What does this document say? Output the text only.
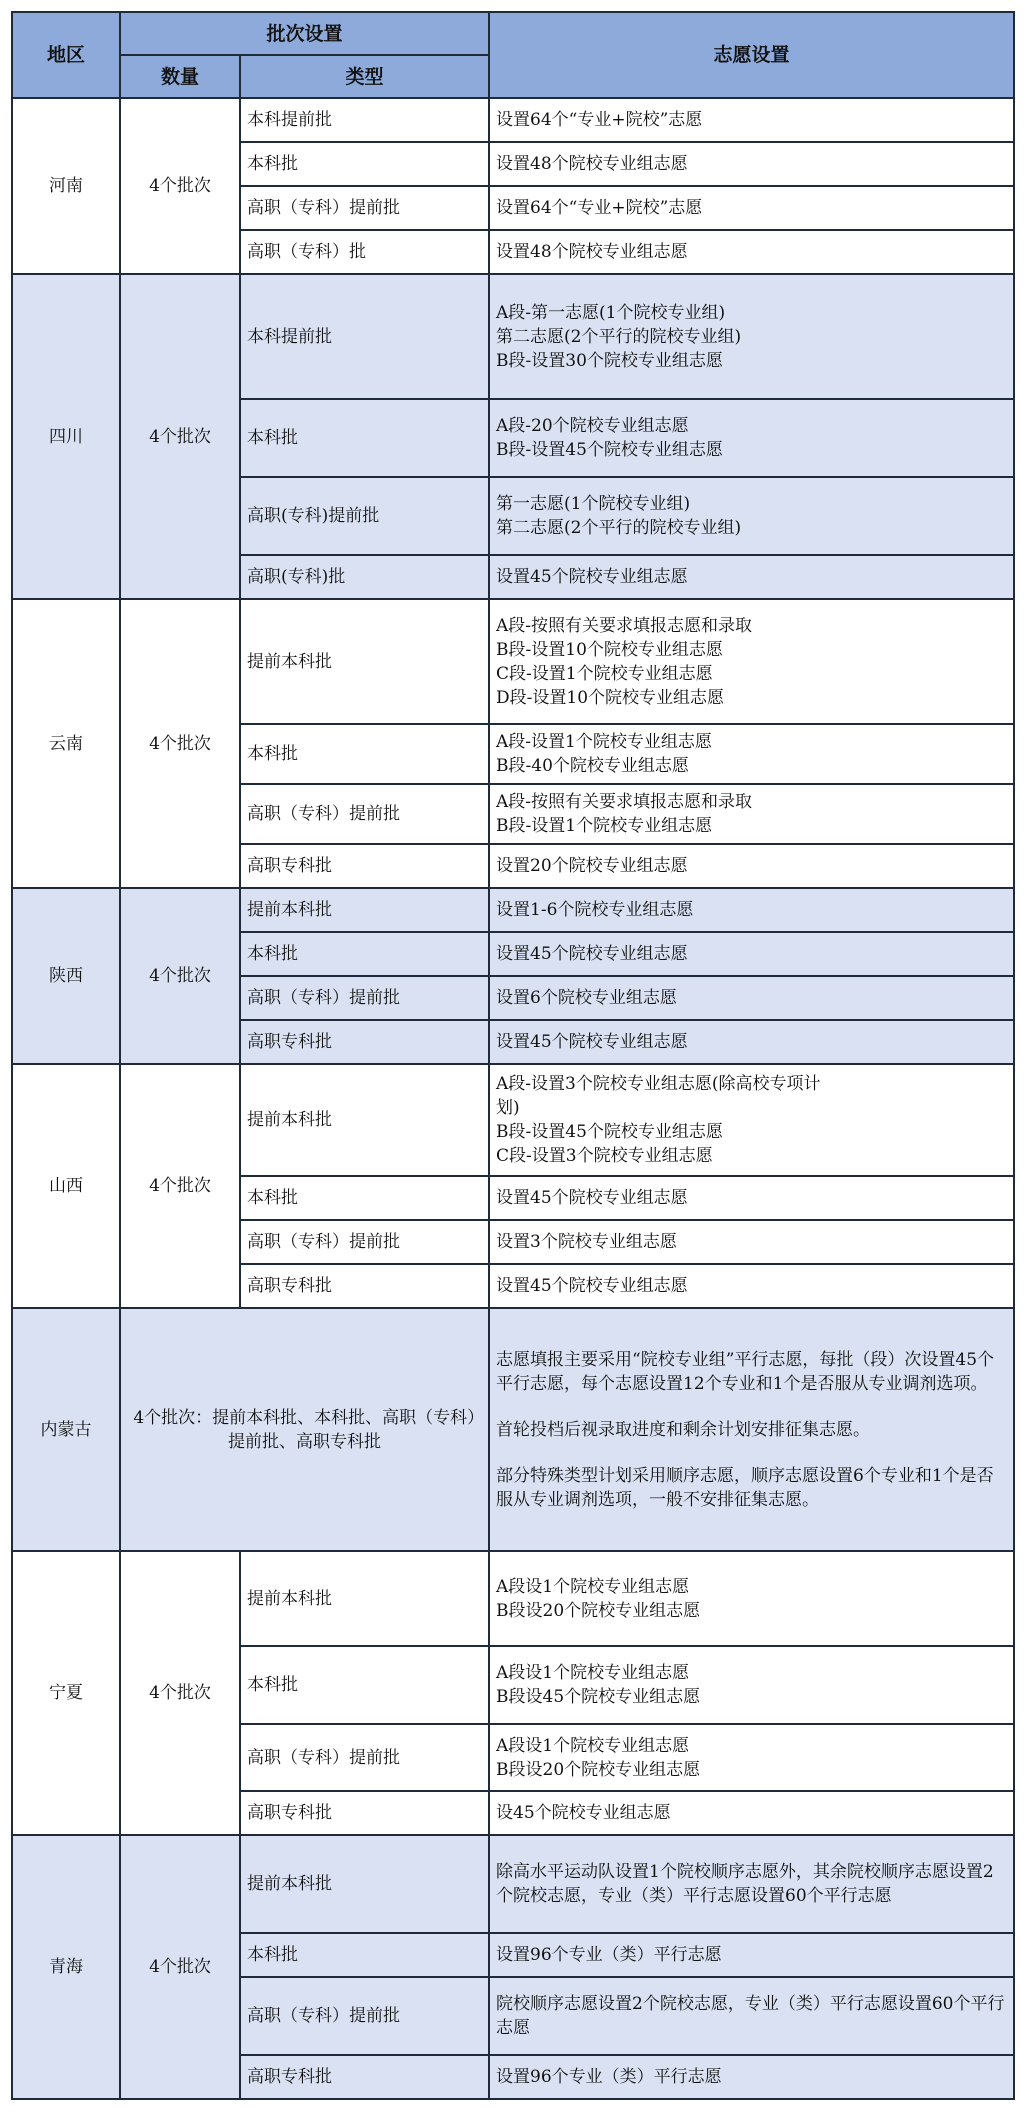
地区	批次设置		志愿设置
	数量	类型	
河南	4个批次	本科提前批	设置64个“专业+院校”志愿
		本科批	设置48个院校专业组志愿
		高职（专科）提前批	设置64个“专业+院校”志愿
		高职（专科）批	设置48个院校专业组志愿
四川	4个批次	本科提前批	A段-第一志愿(1个院校专业组)
第二志愿(2个平行的院校专业组)
B段-设置30个院校专业组志愿
		本科批	A段-20个院校专业组志愿
B段-设置45个院校专业组志愿
		高职(专科)提前批	第一志愿(1个院校专业组)
第二志愿(2个平行的院校专业组)
		高职(专科)批	设置45个院校专业组志愿
云南	4个批次	提前本科批	A段-按照有关要求填报志愿和录取
B段-设置10个院校专业组志愿
C段-设置1个院校专业组志愿
D段-设置10个院校专业组志愿
		本科批	A段-设置1个院校专业组志愿
B段-40个院校专业组志愿
		高职（专科）提前批	A段-按照有关要求填报志愿和录取
B段-设置1个院校专业组志愿
		高职专科批	设置20个院校专业组志愿
陕西	4个批次	提前本科批	设置1-6个院校专业组志愿
		本科批	设置45个院校专业组志愿
		高职（专科）提前批	设置6个院校专业组志愿
		高职专科批	设置45个院校专业组志愿
山西	4个批次	提前本科批	A段-设置3个院校专业组志愿(除高校专项计
划)
B段-设置45个院校专业组志愿
C段-设置3个院校专业组志愿
		本科批	设置45个院校专业组志愿
		高职（专科）提前批	设置3个院校专业组志愿
		高职专科批	设置45个院校专业组志愿
内蒙古	4个批次：提前本科批、本科批、高职（专科）提前批、高职专科批		志愿填报主要采用“院校专业组”平行志愿，每批（段）次设置45个平行志愿，每个志愿设置12个专业和1个是否服从专业调剂选项。

首轮投档后视录取进度和剩余计划安排征集志愿。

部分特殊类型计划采用顺序志愿，顺序志愿设置6个专业和1个是否服从专业调剂选项，一般不安排征集志愿。

宁夏	4个批次	提前本科批	A段设1个院校专业组志愿
B段设20个院校专业组志愿
		本科批	A段设1个院校专业组志愿
B段设45个院校专业组志愿
		高职（专科）提前批	A段设1个院校专业组志愿
B段设20个院校专业组志愿
		高职专科批	设45个院校专业组志愿
青海	4个批次	提前本科批	除高水平运动队设置1个院校顺序志愿外，其余院校顺序志愿设置2个院校志愿，专业（类）平行志愿设置60个平行志愿
		本科批	设置96个专业（类）平行志愿
		高职（专科）提前批	院校顺序志愿设置2个院校志愿，专业（类）平行志愿设置60个平行志愿
		高职专科批	设置96个专业（类）平行志愿
